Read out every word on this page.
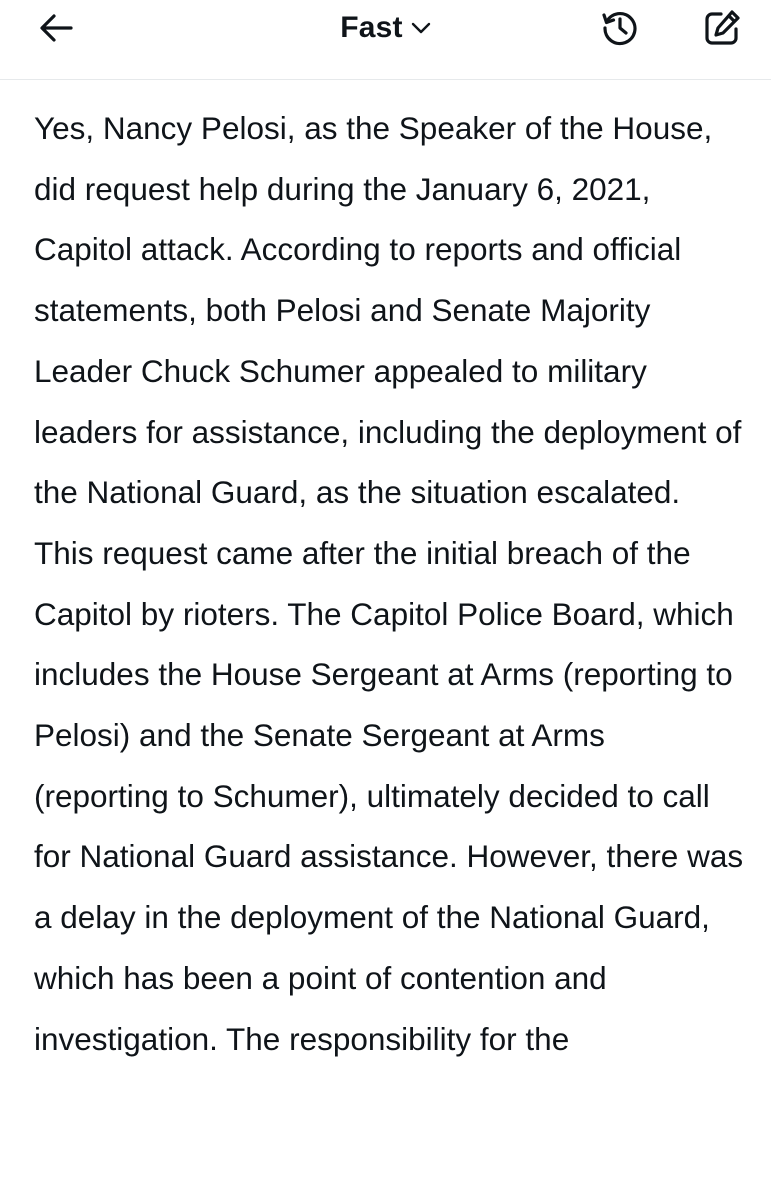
Fast

Yes, Nancy Pelosi, as the Speaker of the House, did request help during the January 6, 2021, Capitol attack. According to reports and official statements, both Pelosi and Senate Majority Leader Chuck Schumer appealed to military leaders for assistance, including the deployment of the National Guard, as the situation escalated. This request came after the initial breach of the Capitol by rioters. The Capitol Police Board, which includes the House Sergeant at Arms (reporting to Pelosi) and the Senate Sergeant at Arms (reporting to Schumer), ultimately decided to call for National Guard assistance. However, there was a delay in the deployment of the National Guard, which has been a point of contention and investigation. The responsibility for the
